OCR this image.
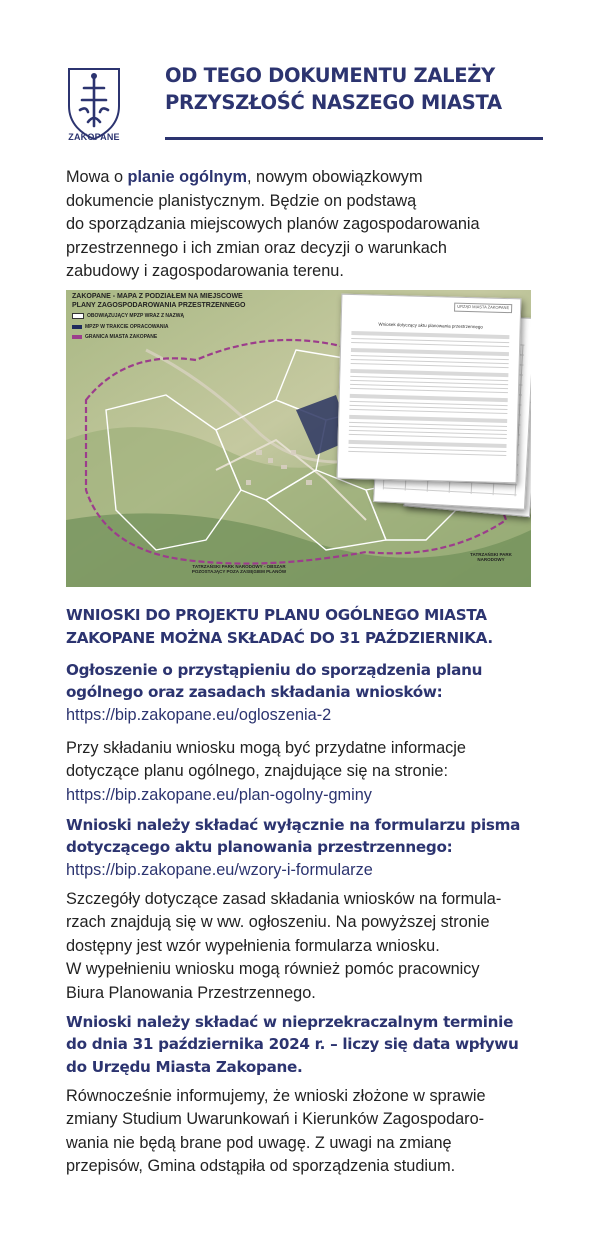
ZAKOPANE
OD TEGO DOKUMENTU ZALEŻY
PRZYSZŁOŚĆ NASZEGO MIASTA
Mowa o planie ogólnym, nowym obowiązkowym
dokumencie planistycznym. Będzie on podstawą
do sporządzania miejscowych planów zagospodarowania
przestrzennego i ich zmian oraz decyzji o warunkach
zabudowy i zagospodarowania terenu.
ZAKOPANE - MAPA Z PODZIAŁEM NA MIEJSCOWE
PLANY ZAGOSPODAROWANIA PRZESTRZENNEGO
OBOWIĄZUJĄCY MPZP WRAZ Z NAZWĄ
MPZP W TRAKCIE OPRACOWANIA
GRANICA MIASTA ZAKOPANE
TATRZAŃSKI PARK NARODOWY - OBSZAR POZOSTAJĄCY POZA ZASIĘGIEM PLANÓW
TATRZAŃSKI PARK NARODOWY
URZĄD MIASTA ZAKOPANE
Wniosek dotyczący aktu planowania przestrzennego
WNIOSKI DO PROJEKTU PLANU OGÓLNEGO MIASTA
ZAKOPANE MOŻNA SKŁADAĆ DO 31 PAŹDZIERNIKA.
Ogłoszenie o przystąpieniu do sporządzenia planu
ogólnego oraz zasadach składania wniosków:
https://bip.zakopane.eu/ogloszenia-2
Przy składaniu wniosku mogą być przydatne informacje
dotyczące planu ogólnego, znajdujące się na stronie:
https://bip.zakopane.eu/plan-ogolny-gminy
Wnioski należy składać wyłącznie na formularzu pisma
dotyczącego aktu planowania przestrzennego:
https://bip.zakopane.eu/wzory-i-formularze
Szczegóły dotyczące zasad składania wniosków na formula-
rzach znajdują się w ww. ogłoszeniu. Na powyższej stronie
dostępny jest wzór wypełnienia formularza wniosku.
W wypełnieniu wniosku mogą również pomóc pracownicy
Biura Planowania Przestrzennego.
Wnioski należy składać w nieprzekraczalnym terminie
do dnia 31 października 2024 r. – liczy się data wpływu
do Urzędu Miasta Zakopane.
Równocześnie informujemy, że wnioski złożone w sprawie
zmiany Studium Uwarunkowań i Kierunków Zagospodaro-
wania nie będą brane pod uwagę. Z uwagi na zmianę
przepisów, Gmina odstąpiła od sporządzenia studium.
